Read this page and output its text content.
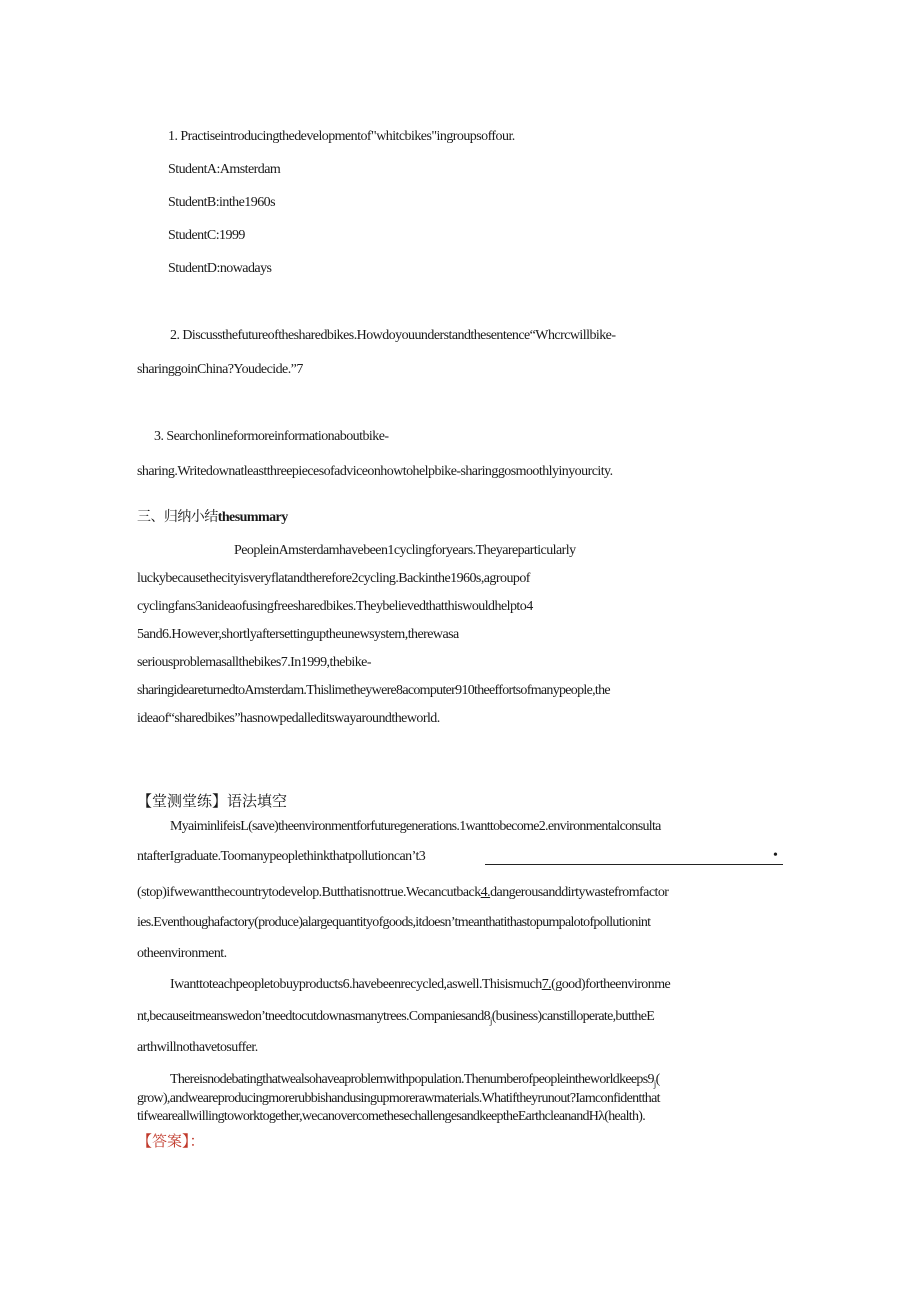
1. Practiseintroducingthedevelopmentof"whitcbikes"ingroupsoffour.
StudentA:Amsterdam
StudentB:inthe1960s
StudentC:1999
StudentD:nowadays
2. Discussthefutureofthesharedbikes.Howdoyouunderstandthesentence“Whcrcwillbike-
sharinggoinChina?Youdecide.”7
3. Searchonlineformoreinformationaboutbike-
sharing.Writedownatleastthreepiecesofadviceonhowtohelpbike-sharinggosmoothlyinyourcity.
三、归纳小结thesummary
PeopleinAmsterdamhavebeen1cyclingforyears.Theyareparticularly
luckybecausethecityisveryflatandtherefore2cycling.Backinthe1960s,agroupof
cyclingfans3anideaofusingfreesharedbikes.Theybelievedthatthiswouldhelpto4
5and6.However,shortlyaftersettinguptheunewsystem,therewasa
seriousproblemasallthebikes7.In1999,thebike-
sharingideareturnedtoAmsterdam.Thislimetheywere8acomputer910theeffortsofmanypeople,the
ideaof“sharedbikes”hasnowpedalleditswayaroundtheworld.
【堂测堂练】语法填空
MyaiminlifeisL(save)theenvironmentforfuturegenerations.1wanttobecome2.environmentalconsulta
ntafterIgraduate.Toomanypeoplethinkthatpollutioncan’t3	•
(stop)ifwewantthecountrytodevelop.Butthatisnottrue.Wecancutback4.dangerousanddirtywastefromfactor
ies.Eventhoughafactory(produce)alargequantityofgoods,itdoesn’tmeanthatithastopumpalotofpollutionint
otheenvironment.
Iwanttoteachpeopletobuyproducts6.havebeenrecycled,aswell.Thisismuch7.(good)fortheenvironme
$nt,becauseitmeanswedon’tneedtocutdownasmanytrees.Companiesand8_j(business)canstilloperate,buttheE$
arthwillnothavetosuffer.
$Thereisnodebatingthatwealsohaveaproblemwithpopulation.Thenumberofpeopleintheworldkeeps9_j$(
grow),andweareproducingmorerubbishandusingupmorerawmaterials.Whatiftheyrunout?Iamconfidentthat
tifweareallwillingtoworktogether,wecanovercomethesechallengesandkeeptheEarthcleanandHλ(health).
【答案】：
